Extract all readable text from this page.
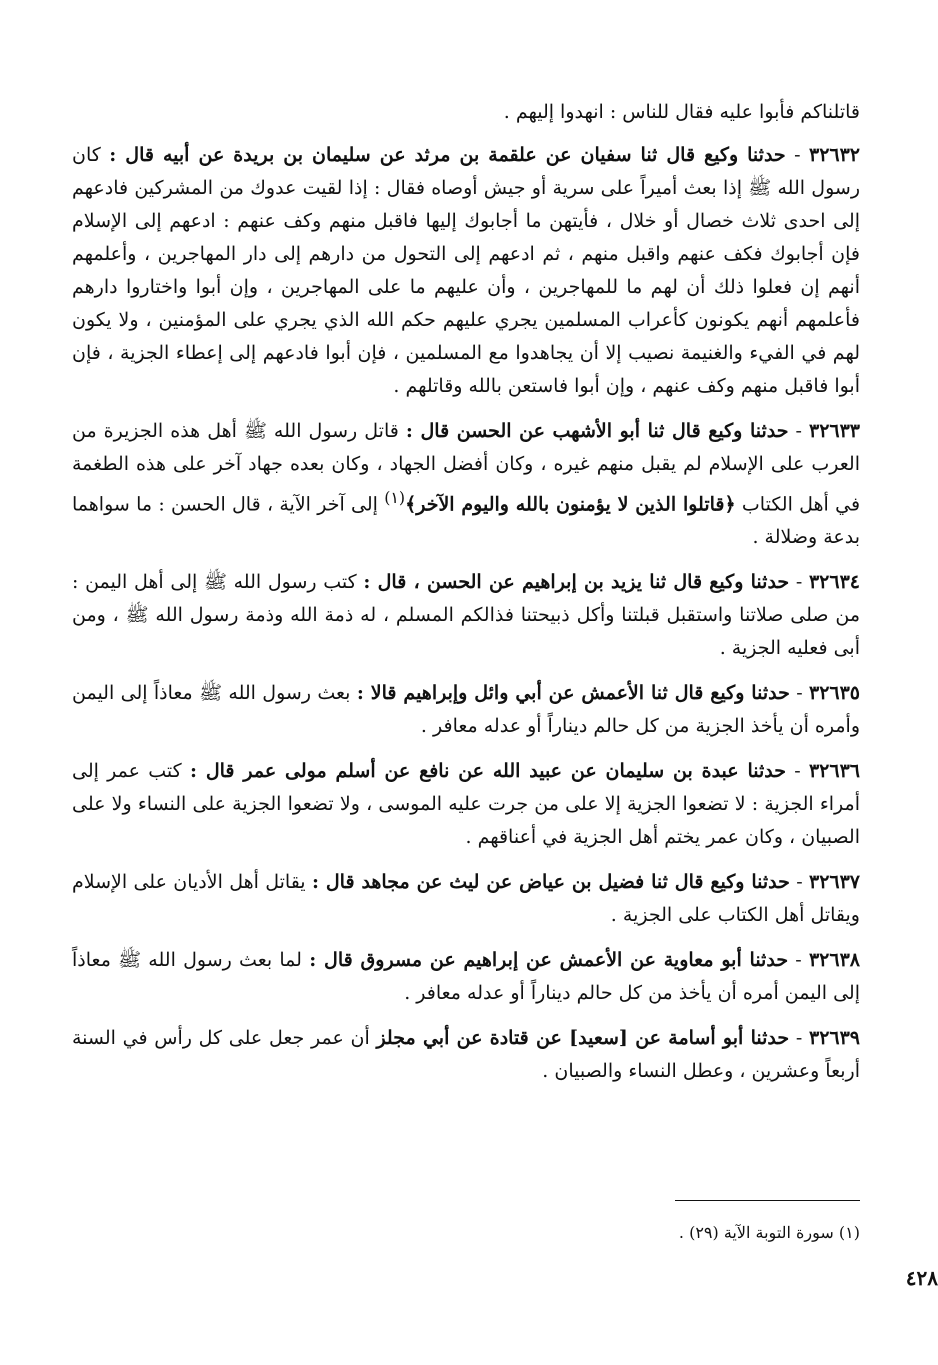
قاتلناكم فأبوا عليه فقال للناس : انهدوا إليهم .

٣٢٦٣٢ - حدثنا وكيع قال ثنا سفيان عن علقمة بن مرثد عن سليمان بن بريدة عن أبيه قال : كان رسول الله ﷺ إذا بعث أميراً على سرية أو جيش أوصاه فقال : إذا لقيت عدوك من المشركين فادعهم إلى احدى ثلاث خصال أو خلال ، فأيتهن ما أجابوك إليها فاقبل منهم وكف عنهم : ادعهم إلى الإسلام فإن أجابوك فكف عنهم واقبل منهم ، ثم ادعهم إلى التحول من دارهم إلى دار المهاجرين ، وأعلمهم أنهم إن فعلوا ذلك أن لهم ما للمهاجرين ، وأن عليهم ما على المهاجرين ، وإن أبوا واختاروا دارهم فأعلمهم أنهم يكونون كأعراب المسلمين يجري عليهم حكم الله الذي يجري على المؤمنين ، ولا يكون لهم في الفيء والغنيمة نصيب إلا أن يجاهدوا مع المسلمين ، فإن أبوا فادعهم إلى إعطاء الجزية ، فإن أبوا فاقبل منهم وكف عنهم ، وإن أبوا فاستعن بالله وقاتلهم .

٣٢٦٣٣ - حدثنا وكيع قال ثنا أبو الأشهب عن الحسن قال : قاتل رسول الله ﷺ أهل هذه الجزيرة من العرب على الإسلام لم يقبل منهم غيره ، وكان أفضل الجهاد ، وكان بعده جهاد آخر على هذه الطغمة في أهل الكتاب ﴿قاتلوا الذين لا يؤمنون بالله واليوم الآخر﴾$^{(١)}$ إلى آخر الآية ، قال الحسن : ما سواهما بدعة وضلالة .

٣٢٦٣٤ - حدثنا وكيع قال ثنا يزيد بن إبراهيم عن الحسن ، قال : كتب رسول الله ﷺ إلى أهل اليمن : من صلى صلاتنا واستقبل قبلتنا وأكل ذبيحتنا فذالكم المسلم ، له ذمة الله وذمة رسول الله ﷺ ، ومن أبى فعليه الجزية .

٣٢٦٣٥ - حدثنا وكيع قال ثنا الأعمش عن أبي وائل وإبراهيم قالا : بعث رسول الله ﷺ معاذاً إلى اليمن وأمره أن يأخذ الجزية من كل حالم ديناراً أو عدله معافر .

٣٢٦٣٦ - حدثنا عبدة بن سليمان عن عبيد الله عن نافع عن أسلم مولى عمر قال : كتب عمر إلى أمراء الجزية : لا تضعوا الجزية إلا على من جرت عليه الموسى ، ولا تضعوا الجزية على النساء ولا على الصبيان ، وكان عمر يختم أهل الجزية في أعناقهم .

٣٢٦٣٧ - حدثنا وكيع قال ثنا فضيل بن عياض عن ليث عن مجاهد قال : يقاتل أهل الأديان على الإسلام ويقاتل أهل الكتاب على الجزية .

٣٢٦٣٨ - حدثنا أبو معاوية عن الأعمش عن إبراهيم عن مسروق قال : لما بعث رسول الله ﷺ معاذاً إلى اليمن أمره أن يأخذ من كل حالم ديناراً أو عدله معافر .

٣٢٦٣٩ - حدثنا أبو أسامة عن [سعيد] عن قتادة عن أبي مجلز أن عمر جعل على كل رأس في السنة أربعاً وعشرين ، وعطل النساء والصبيان .

(١) سورة التوبة الآية (٢٩) .

٤٢٨
